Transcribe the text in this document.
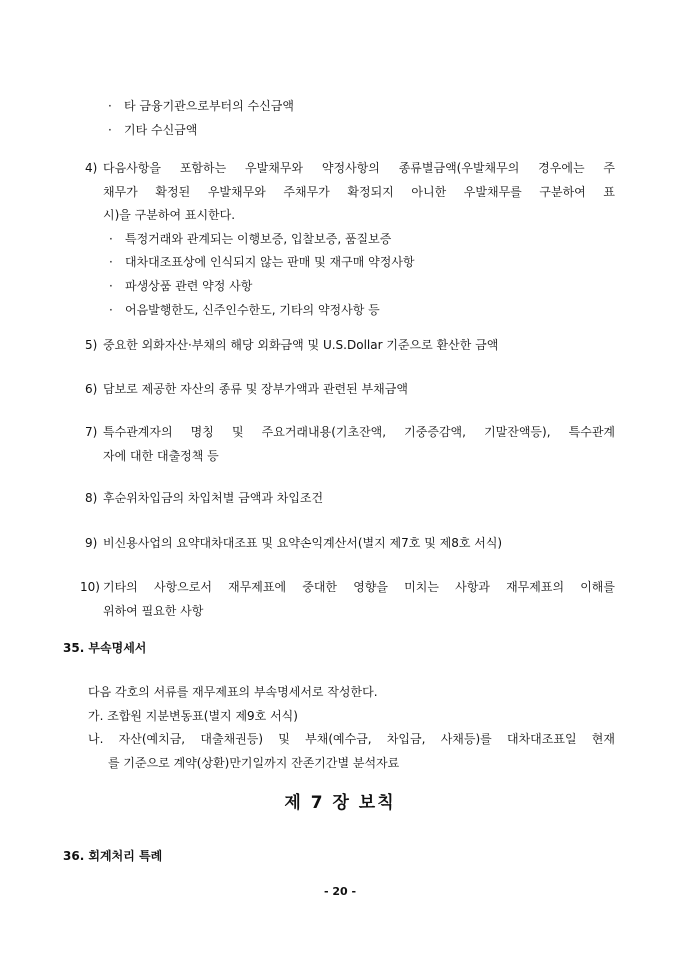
· 타 금융기관으로부터의 수신금액
· 기타 수신금액
4) 다음사항을 포함하는 우발채무와 약정사항의 종류별금액(우발채무의 경우에는 주
채무가 확정된 우발채무와 주채무가 확정되지 아니한 우발채무를 구분하여 표
시)을 구분하여 표시한다.
· 특정거래와 관계되는 이행보증, 입찰보증, 품질보증
· 대차대조표상에 인식되지 않는 판매 및 재구매 약정사항
· 파생상품 관련 약정 사항
· 어음발행한도, 신주인수한도, 기타의 약정사항 등
5) 중요한 외화자산·부채의 해당 외화금액 및 U.S.Dollar 기준으로 환산한 금액
6) 담보로 제공한 자산의 종류 및 장부가액과 관련된 부채금액
7) 특수관계자의 명칭 및 주요거래내용(기초잔액, 기중증감액, 기말잔액등), 특수관계
자에 대한 대출정책 등
8) 후순위차입금의 차입처별 금액과 차입조건
9) 비신용사업의 요약대차대조표 및 요약손익계산서(별지 제7호 및 제8호 서식)
10) 기타의 사항으로서 재무제표에 중대한 영향을 미치는 사항과 재무제표의 이해를
위하여 필요한 사항
35. 부속명세서
다음 각호의 서류를 재무제표의 부속명세서로 작성한다.
가. 조합원 지분변동표(별지 제9호 서식)
나. 자산(예치금, 대출채권등) 및 부채(예수금, 차입금, 사채등)를 대차대조표일 현재
를 기준으로 계약(상환)만기일까지 잔존기간별 분석자료
제 7 장 보칙
36. 회계처리 특례
- 20 -
